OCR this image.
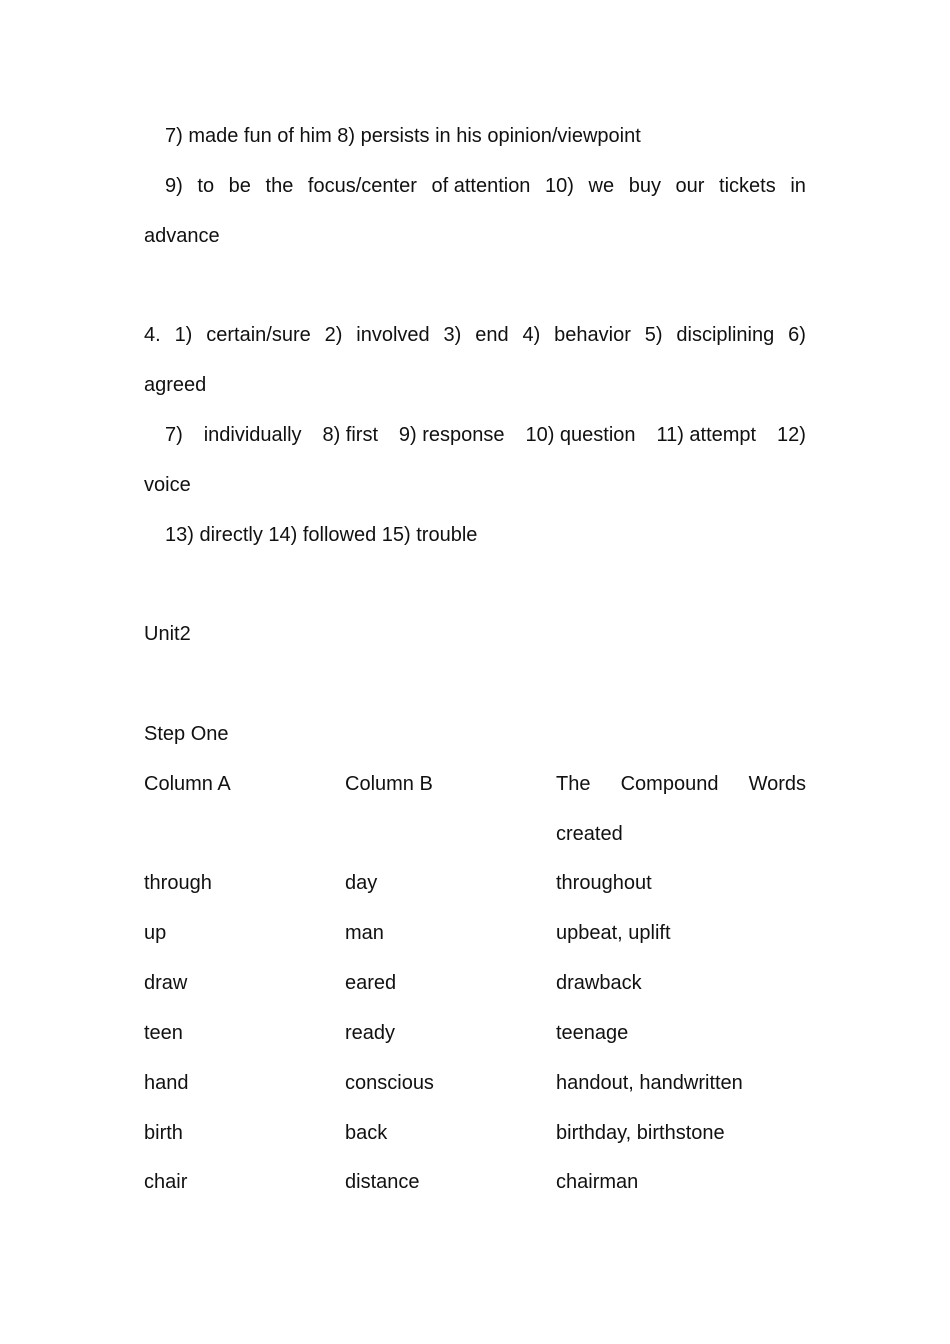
7) made fun of him 8) persists in his opinion/viewpoint
9) to be the focus/center of attention 10) we buy our tickets in
advance
4. 1) certain/sure 2) involved 3) end 4) behavior 5) disciplining 6)
agreed
7) individually 8) first 9) response 10) question 11) attempt 12)
voice
13) directly 14) followed 15) trouble
Unit2
Step One
Column A	Column B	The Compound Words
created
through	day	throughout
up	man	upbeat, uplift
draw	eared	drawback
teen	ready	teenage
hand	conscious	handout, handwritten
birth	back	birthday, birthstone
chair	distance	chairman
